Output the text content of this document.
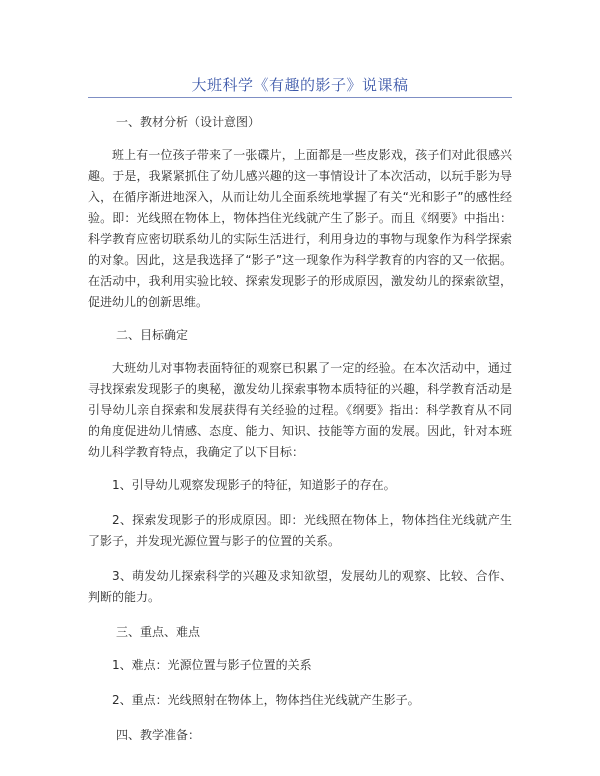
大班科学《有趣的影子》说课稿
一、教材分析（设计意图）

班上有一位孩子带来了一张碟片，上面都是一些皮影戏，孩子们对此很感兴趣。于是，我紧紧抓住了幼儿感兴趣的这一事情设计了本次活动，以玩手影为导入，在循序渐进地深入，从而让幼儿全面系统地掌握了有关“光和影子”的感性经验。即：光线照在物体上，物体挡住光线就产生了影子。而且《纲要》中指出：科学教育应密切联系幼儿的实际生活进行，利用身边的事物与现象作为科学探索的对象。因此，这是我选择了“影子”这一现象作为科学教育的内容的又一依据。在活动中，我利用实验比较、探索发现影子的形成原因，激发幼儿的探索欲望，促进幼儿的创新思维。

二、目标确定

大班幼儿对事物表面特征的观察已积累了一定的经验。在本次活动中，通过寻找探索发现影子的奥秘，激发幼儿探索事物本质特征的兴趣，科学教育活动是引导幼儿亲自探索和发展获得有关经验的过程。《纲要》指出：科学教育从不同的角度促进幼儿情感、态度、能力、知识、技能等方面的发展。因此，针对本班幼儿科学教育特点，我确定了以下目标：

1、引导幼儿观察发现影子的特征，知道影子的存在。

2、探索发现影子的形成原因。即：光线照在物体上，物体挡住光线就产生了影子，并发现光源位置与影子的位置的关系。

3、萌发幼儿探索科学的兴趣及求知欲望，发展幼儿的观察、比较、合作、判断的能力。

三、重点、难点

1、难点：光源位置与影子位置的关系

2、重点：光线照射在物体上，物体挡住光线就产生影子。

四、教学准备：
